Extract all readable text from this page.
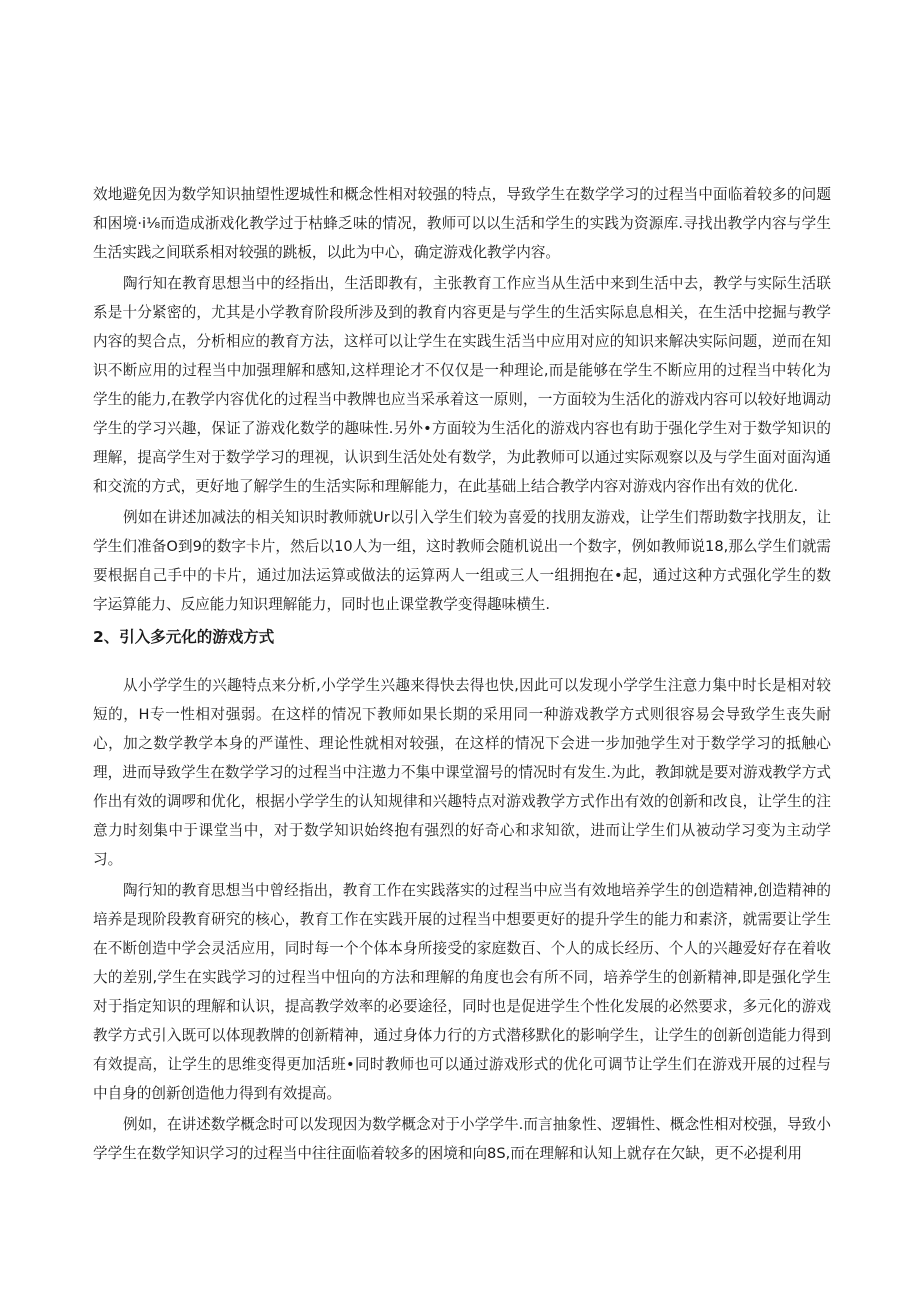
效地避免因为数学知识抽望性逻城性和概念性相对较强的特点，导致学生在数学学习的过程当中面临着较多的问题和困境·i⅛而造成浙戏化教学过于枯蜂乏味的情况，教师可以以生活和学生的实践为资源库.寻找出教学内容与学生生活实践之间联系相对较强的跳板，以此为中心，确定游戏化教学内容。

陶行知在教育思想当中的经指出，生活即教有，主张教育工作应当从生活中来到生活中去，教学与实际生活联系是十分紧密的，尤其是小学教育阶段所涉及到的教育内容更是与学生的生活实际息息相关，在生活中挖掘与教学内容的契合点，分析相应的教育方法，这样可以让学生在实践生活当中应用对应的知识来解决实际问题，逆而在知识不断应用的过程当中加强理解和感知,这样理论才不仅仅是一种理论,而是能够在学生不断应用的过程当中转化为学生的能力,在教学内容优化的过程当中教牌也应当采承着这一原则，一方面较为生活化的游戏内容可以较好地调动学生的学习兴趣，保证了游戏化数学的趣味性.另外•方面较为生活化的游戏内容也有助于强化学生对于数学知识的理解，提高学生对于数学学习的理视，认识到生活处处有数学，为此教师可以通过实际观察以及与学生面对面沟通和交流的方式，更好地了解学生的生活实际和理解能力，在此基础上结合教学内容对游戏内容作出有效的优化.

例如在讲述加减法的相关知识时教师就Ur以引入学生们较为喜爱的找朋友游戏，让学生们帮助数字找朋友，让学生们准备O到9的数字卡片，然后以10人为一组，这时教师会随机说出一个数字，例如教师说18,那么学生们就需要根据自己手中的卡片，通过加法运算或做法的运算两人一组或三人一组拥抱在•起，通过这种方式强化学生的数字运算能力、反应能力知识理解能力，同时也止课堂教学变得趣味横生.

2、引入多元化的游戏方式

从小学学生的兴趣特点来分析,小学学生兴趣来得快去得也快,因此可以发现小学学生注意力集中时长是相对较短的，H专一性相对强弱。在这样的情况下教师如果长期的采用同一种游戏教学方式则很容易会导致学生丧失耐心，加之数学教学本身的严谨性、理论性就相对较强，在这样的情况下会进一步加弛学生对于数学学习的抵触心理，进而导致学生在数学学习的过程当中注遨力不集中课堂溜号的情况时有发生.为此，教卸就是要对游戏教学方式作出有效的调啰和优化，根据小学学生的认知规律和兴趣特点对游戏教学方式作出有效的创新和改良，让学生的注意力时刻集中于课堂当中，对于数学知识始终抱有强烈的好奇心和求知欲，进而让学生们从被动学习变为主动学习。

陶行知的教育思想当中曾经指出，教育工作在实践落实的过程当中应当有效地培养学生的创造精神,创造精神的培养是现阶段教育研究的核心，教育工作在实践开展的过程当中想要更好的提升学生的能力和素济，就需要让学生在不断创造中学会灵活应用，同时每一个个体本身所接受的家庭数百、个人的成长经历、个人的兴趣爱好存在着收大的差别,学生在实践学习的过程当中忸向的方法和理解的角度也会有所不同，培养学生的创新精神,即是强化学生对于指定知识的理解和认识，提高教学效率的必要途径，同时也是促进学生个性化发展的必然要求，多元化的游戏教学方式引入既可以体现教牌的创新精神，通过身体力行的方式潜移默化的影响学生，让学生的创新创造能力得到有效提高，让学生的思维变得更加活班•同时教师也可以通过游戏形式的优化可调节让学生们在游戏开展的过程与中自身的创新创造他力得到有效提高。

例如，在讲述数学概念时可以发现因为数学概念对于小学学牛.而言抽象性、逻辑性、概念性相对校强，导致小学学生在数学知识学习的过程当中往往面临着较多的困境和向8S,而在理解和认知上就存在欠缺，更不必提利用
